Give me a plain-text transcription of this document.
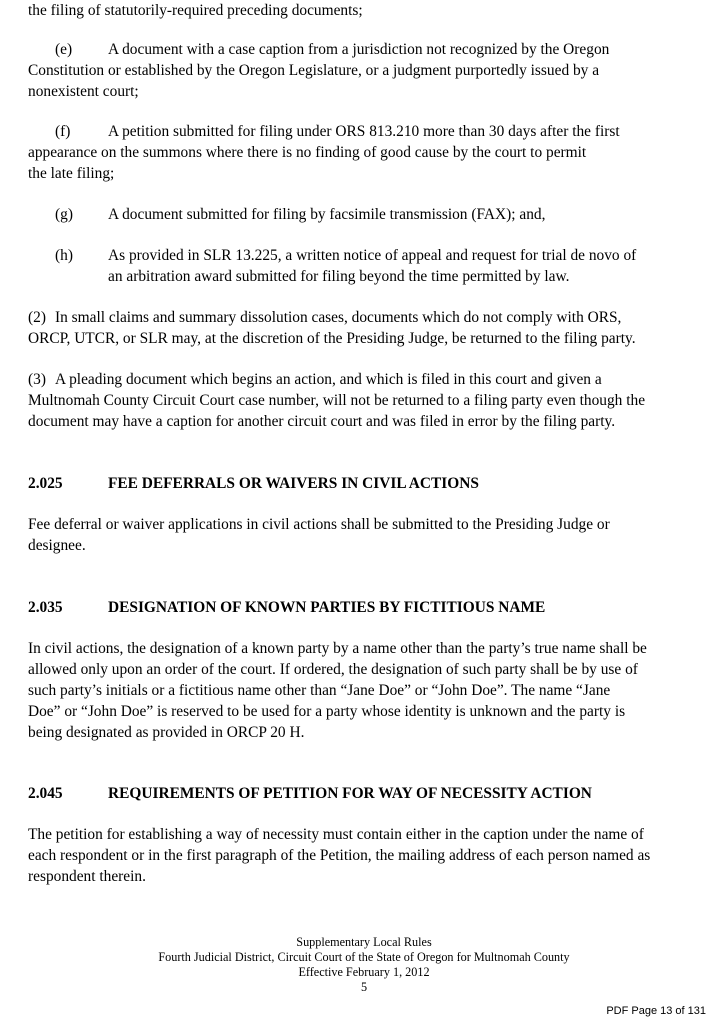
the filing of statutorily-required preceding documents;

(e) A document with a case caption from a jurisdiction not recognized by the Oregon
Constitution or established by the Oregon Legislature, or a judgment purportedly issued by a
nonexistent court;

(f) A petition submitted for filing under ORS 813.210 more than 30 days after the first
appearance on the summons where there is no finding of good cause by the court to permit
the late filing;

(g) A document submitted for filing by facsimile transmission (FAX); and,

(h) As provided in SLR 13.225, a written notice of appeal and request for trial de novo of
an arbitration award submitted for filing beyond the time permitted by law.

(2) In small claims and summary dissolution cases, documents which do not comply with ORS,
ORCP, UTCR, or SLR may, at the discretion of the Presiding Judge, be returned to the filing party.

(3) A pleading document which begins an action, and which is filed in this court and given a
Multnomah County Circuit Court case number, will not be returned to a filing party even though the
document may have a caption for another circuit court and was filed in error by the filing party.

2.025	FEE DEFERRALS OR WAIVERS IN CIVIL ACTIONS

Fee deferral or waiver applications in civil actions shall be submitted to the Presiding Judge or
designee.

2.035	DESIGNATION OF KNOWN PARTIES BY FICTITIOUS NAME

In civil actions, the designation of a known party by a name other than the party’s true name shall be
allowed only upon an order of the court. If ordered, the designation of such party shall be by use of
such party’s initials or a fictitious name other than “Jane Doe” or “John Doe”. The name “Jane
Doe” or “John Doe” is reserved to be used for a party whose identity is unknown and the party is
being designated as provided in ORCP 20 H.

2.045	REQUIREMENTS OF PETITION FOR WAY OF NECESSITY ACTION

The petition for establishing a way of necessity must contain either in the caption under the name of
each respondent or in the first paragraph of the Petition, the mailing address of each person named as
respondent therein.

Supplementary Local Rules
Fourth Judicial District, Circuit Court of the State of Oregon for Multnomah County
Effective February 1, 2012
5
PDF Page 13 of 131
